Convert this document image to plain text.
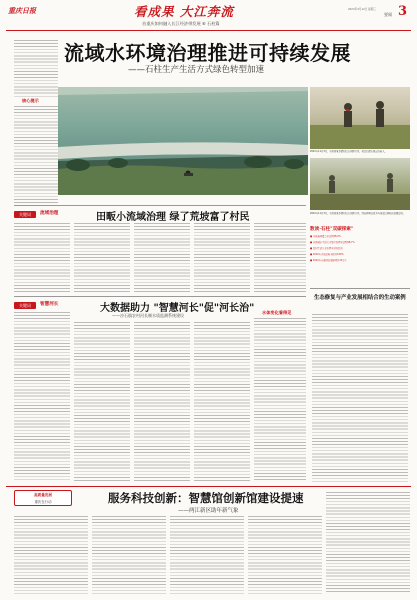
重庆日报	看成果 大江奔流
首重庆如何融入长江经济带发展 ⑥ 石柱篇
2023年3月12日 星期三
要闻 3
流域水环境治理推进可持续发展
——石柱生产生活方式绿色转型加速
核心提示
2022年11月3日，石柱县某乡镇村民在田间劳作，村民们都有稳定的收入。
2022年11月3日，石柱县某乡镇村民在田间劳作，绿色种植已成为当地农民增收的重要途径。
关键词	流域治理	田畈小流域治理 绿了荒坡富了村民
数读·石柱"双碳探索"
■ 全县森林覆盖率达到58.2%
■ 全县城市生活污水集中处理率达到98.7%
■ 农村生活污水治理率持续提升
■ 2022年水质达标率保持100%
■ 2022年实施绿色低碳项目20余个
生态修复与产业发展相结合的生动案例
关键词	智慧河长	大数据助力 "智慧河长"促"河长治"
——沙石镇农村河长制水质监测系统建设
水体变化看得见
高质量发展
重庆在行动	服务科技创新：智慧馆创新馆建设提速
——两江新区助年新气象
